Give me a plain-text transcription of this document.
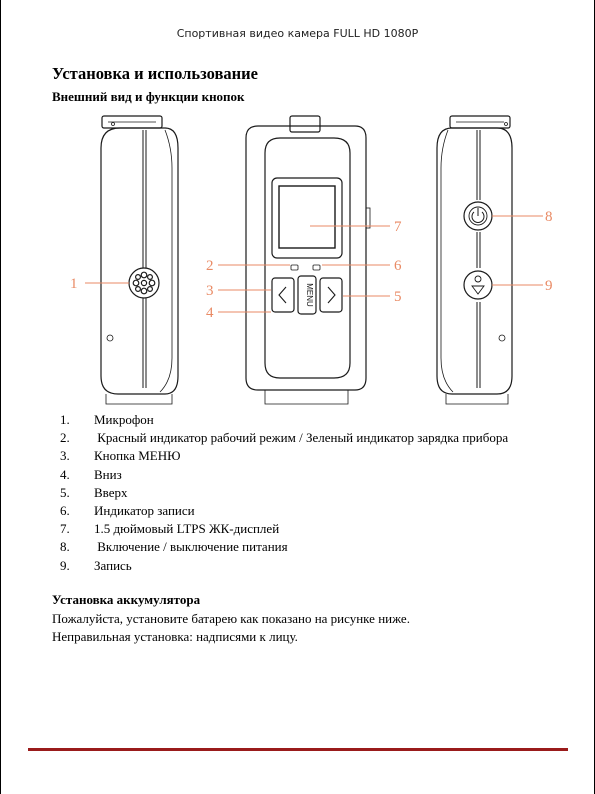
Спортивная видео камера FULL HD 1080P
Установка и использование
Внешний вид и функции кнопок
MENU
1
2
3
4
5
6
7
8
9
1. Микрофон
2. Красный индикатор рабочий режим / Зеленый индикатор зарядка прибора
3. Кнопка МЕНЮ
4. Вниз
5. Вверх
6. Индикатор записи
7. 1.5 дюймовый LTPS ЖК-дисплей
8. Включение / выключение питания
9. Запись
Установка аккумулятора
Пожалуйста, установите батарею как показано на рисунке ниже.
Неправильная установка: надписями к лицу.
